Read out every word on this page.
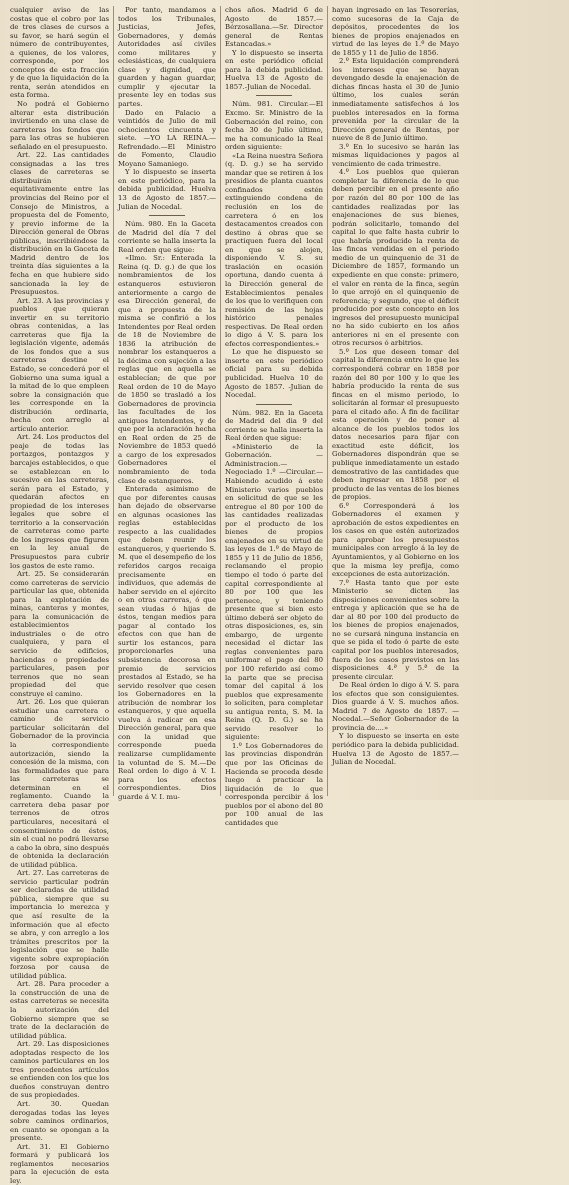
cualquier aviso de las costas que el cobro por las de tres clases de cursos a su favor, se hará según el número de contribuyentes, a quienes, de los valores, corresponde, por los conceptos de esta fracción y de que la liquidación de la renta, serán atendidos en esta forma.

No podrá el Gobierno alterar esta distribución invirtiendo en una clase de carreteras los fondos que para las otras se hubieren señalado en el presupuesto.

Art. 22. Las cantidades consignadas a las tres clases de carreteras se distribuirán equitativamente entre las provincias del Reino por el Consejo de Ministros, a propuesta del de Fomento, y previo informe de la Dirección general de Obras públicas, inscribiéndose la distribución en la Gaceta de Madrid dentro de los treinta días siguientes a la fecha en que hubiere sido sancionada la ley de Presupuestos.

Art. 23. A las provincias y pueblos que quieran invertir en su territorio obras contenidas, a las carreteras que fija la legislación vigente, además de los fondos que a sus carreteras destine el Estado, se concederá por el Gobierno una suma igual a la mitad de lo que empleen sobre la consignación que les corresponde en la distribución ordinaria, hecha con arreglo al artículo anterior.

Art. 24. Los productos del peaje de todas las portazgos, pontazgos y barcajes establecidos, o que se establezcan en lo sucesivo en las carreteras, serán para el Estado, y quedarán afectos en propiedad de los intereses legales que sobre el territorio a la conservación de carreteras como parte de los ingresos que figuren en la ley anual de Presupuestos para cubrir los gastos de este ramo.

Art. 25. Se considerarán como carreteras de servicio particular las que, obtenida para la explotación de minas, canteras y montes, para la comunicación de establecimientos industriales o de otro cualquiera, y para el servicio de edificios, haciendas o propiedades particulares, pasen por terrenos que no sean propiedad del que construye el camino.

Art. 26. Los que quieran estudiar una carretera o camino de servicio particular solicitarán del Gobernador de la provincia la correspondiente autorización, siendo la concesión de la misma, con las formalidades que para las carreteras se determinan en el reglamento. Cuando la carretera deba pasar por terrenos de otros particulares, necesitará el consentimiento de éstos, sin el cual no podrá llevarse a cabo la obra, sino después de obtenida la declaración de utilidad pública.

Art. 27. Las carreteras de servicio particular podrán ser declaradas de utilidad pública, siempre que su importancia lo merezca y que así resulte de la información que al efecto se abra, y con arreglo a los trámites prescritos por la legislación que se halle vigente sobre expropiación forzosa por causa de utilidad pública.

Art. 28. Para proceder a la construcción de una de estas carreteras se necesita la autorización del Gobierno siempre que se trate de la declaración de utilidad pública.

Art. 29. Las disposiciones adoptadas respecto de los caminos particulares en los tres precedentes artículos se entienden con los que los dueños construyan dentro de sus propiedades.

Art. 30. Quedan derogadas todas las leyes sobre caminos ordinarios, en cuanto se opongan a la presente.

Art. 31. El Gobierno formará y publicará los reglamentos necesarios para la ejecución de esta ley.

Por tanto, mandamos a todos los Tribunales, Justicias, Jefes, Gobernadores, y demás Autoridades así civiles como militares y eclesiásticas, de cualquiera clase y dignidad, que guarden y hagan guardar, cumplir y ejecutar la presente ley en todas sus partes.

Dado en Palacio a veintidós de Julio de mil ochocientos cincuenta y siete. —YO LA REINA.—Refrendado.—El Ministro de Fomento, Claudio Moyano Samaniego.

Y lo dispuesto se inserta en este periódico, para la debida publicidad. Huelva 13 de Agosto de 1857.—Julian de Nocedal.

Núm. 980. En la Gaceta de Madrid del día 7 del corriente se halla inserta la Real orden que sigue:

«Ilmo. Sr.: Enterada la Reina (q. D. g.) de que los nombramientos de los estanqueros estuvieron anteriormente a cargo de esa Dirección general, de que a propuesta de la misma se confirió a los Intendentes por Real orden de 18 de Noviembre de 1836 la atribución de nombrar los estanqueros a la décima con sujeción a las reglas que en aquella se establecían; de que por Real orden de 10 de Mayo de 1850 se trasladó a los Gobernadores de provincia las facultades de los antiguos Intendentes, y de que por la aclaración hecha en Real orden de 25 de Noviembre de 1853 quedó a cargo de los expresados Gobernadores el nombramiento de toda clase de estanqueros.

Enterada asimismo de que por diferentes causas han dejado de observarse en algunas ocasiones las reglas establecidas respecto a las cualidades que deben reunir los estanqueros, y queriendo S. M. que el desempeño de los referidos cargos recaiga precisamente en individuos, que además de haber servido en el ejército o en otras carreras, ó que sean viudas ó hijas de éstos, tengan medios para pagar al contado los efectos con que han de surtir los estancos, para proporcionarles una subsistencia decorosa en premio de servicios prestados al Estado, se ha servido resolver que cesen los Gobernadores en la atribución de nombrar los estanqueros, y que aquella vuelva á radicar en esa Dirección general, para que con la unidad que corresponde pueda realizarse cumplidamente la voluntad de S. M.—De Real orden lo digo á V. I. para los efectos correspondientes. Dios guarde á V. I. mu-

chos años. Madrid 6 de Agosto de 1857.—Bérzosallana.—Sr. Director general de Rentas Estancadas.»

Y lo dispuesto se inserta en este periódico oficial para la debida publicidad. Huelva 13 de Agosto de 1857.-Julian de Nocedal.

Núm. 981. Circular.—El Excmo. Sr. Ministro de la Gobernación del reino, con fecha 30 de Julio último, me ha comunicado la Real orden siguiente:

«La Reina nuestra Señora (q. D. g.) se ha servido mandar que se retiren á los presidios de planta cuantos confinados estén extinguiendo condena de reclusión en los de carretera ó en los destacamentos creados con destino á obras que se practiquen fuera del local en que se alojen, disponiendo V. S. su traslación en ocasión oportuna, dando cuenta á la Dirección general de Establecimientos penales de los que lo verifiquen con remisión de las hojas histórico penales respectivas. De Real orden lo digo á V. S. para los efectos correspondientes.»

Lo que he dispuesto se inserte en este periódico oficial para su debida publicidad. Huelva 10 de Agosto de 1857. -Julian de Nocedal.

Núm. 982. En la Gaceta de Madrid del dia 9 del corriente se halla inserta la Real órden que sigue:

«Ministerio de la Gobernación. —Administracion.—Negociado 1.º —Circular.—Habiendo acudido á este Ministerio varios pueblos en solicitud de que se les entregue el 80 por 100 de las cantidades realizadas por el producto de los bienes de propios enajenados en su virtud de las leyes de 1.º de Mayo de 1855 y 11 de Julio de 1856, reclamando el propio tiempo el todo ó parte del capital correspondiente al 80 por 100 que les pertenece, y teniendo presente que si bien esto último deberá ser objeto de otras disposiciones, es, sin embargo, de urgente necesidad el dictar las reglas convenientes para uniformar el pago del 80 por 100 referido así como la parte que se precisa tomar del capital á los pueblos que expresamente lo soliciten, para completar su antigua renta, S. M. la Reina (Q. D. G.) se ha servido resolver lo siguiente:

1.º Los Gobernadores de las provincias dispondrán que por las Oficinas de Hacienda se proceda desde luego á practicar la liquidación de lo que corresponda percibir á los pueblos por el abono del 80 por 100 anual de las cantidades que

hayan ingresado en las Tesorerías, como sucesoras de la Caja de depósitos, procedentes de los bienes de propios enajenados en virtud de las leyes de 1.º de Mayo de 1855 y 11 de Julio de 1856.

2.º Esta liquidación comprenderá los intereses que se hayan devengado desde la enajenación de dichas fincas hasta el 30 de Junio último, los cuales serán inmediatamente satisfechos á los pueblos interesados en la forma prevenida por la circular de la Dirección general de Rentas, por nueve de 8 de Junio último.

3.º En lo sucesivo se harán las mismas liquidaciones y pagos al vencimiento de cada trimestre.

4.º Los pueblos que quieran completar la diferencia de lo que deben percibir en el presente año por razón del 80 por 100 de las cantidades realizadas por las enajenaciones de sus bienes, podrán solicitarlo, tomando del capital lo que falte hasta cubrir lo que habría producido la renta de las fincas vendidas en el periodo medio de un quinquenio de 31 de Diciembre de 1857, formando un expediente en que conste: primero, el valor en renta de la finca, según lo que arrojó en el quinquenio de referencia; y segundo, que el déficit producido por este concepto en los ingresos del presupuesto municipal no ha sido cubierto en los años anteriores ni en el presente con otros recursos ó arbitrios.

5.º Los que deseen tomar del capital la diferencia entre lo que les corresponderá cobrar en 1858 por razón del 80 por 100 y lo que les habría producido la renta de sus fincas en el mismo periodo, lo solicitarán al formar el presupuesto para el citado año. Á fin de facilitar esta operación y de poner al alcance de los pueblos todos los datos necesarios para fijar con exactitud este déficit, los Gobernadores dispondrán que se publique inmediatamente un estado demostrativo de las cantidades que deben ingresar en 1858 por el producto de las ventas de los bienes de propios.

6.º Corresponderá á los Gobernadores el examen y aprobación de estos expedientes en los casos en que estén autorizados para aprobar los presupuestos municipales con arreglo á la ley de Ayuntamientos, y al Gobierno en los que la misma ley prefija, como excepciones de esta autorización.

7.º Hasta tanto que por este Ministerio se dicten las disposiciones convenientes sobre la entrega y aplicación que se ha de dar al 80 por 100 del producto de los bienes de propios enajenados, no se cursará ninguna instancia en que se pida el todo ó parte de este capital por los pueblos interesados, fuera de los casos previstos en las disposiciones 4.ª y 5.ª de la presente circular.

De Real órden lo digo á V. S. para los efectos que son consiguientes. Dios guarde á V. S. muchos años. Madrid 7 de Agosto de 1857. —Nocedal.—Señor Gobernador de la provincia de....»

Y lo dispuesto se inserta en este periódico para la debida publicidad. Huelva 13 de Agosto de 1857.—Julian de Nocedal.
